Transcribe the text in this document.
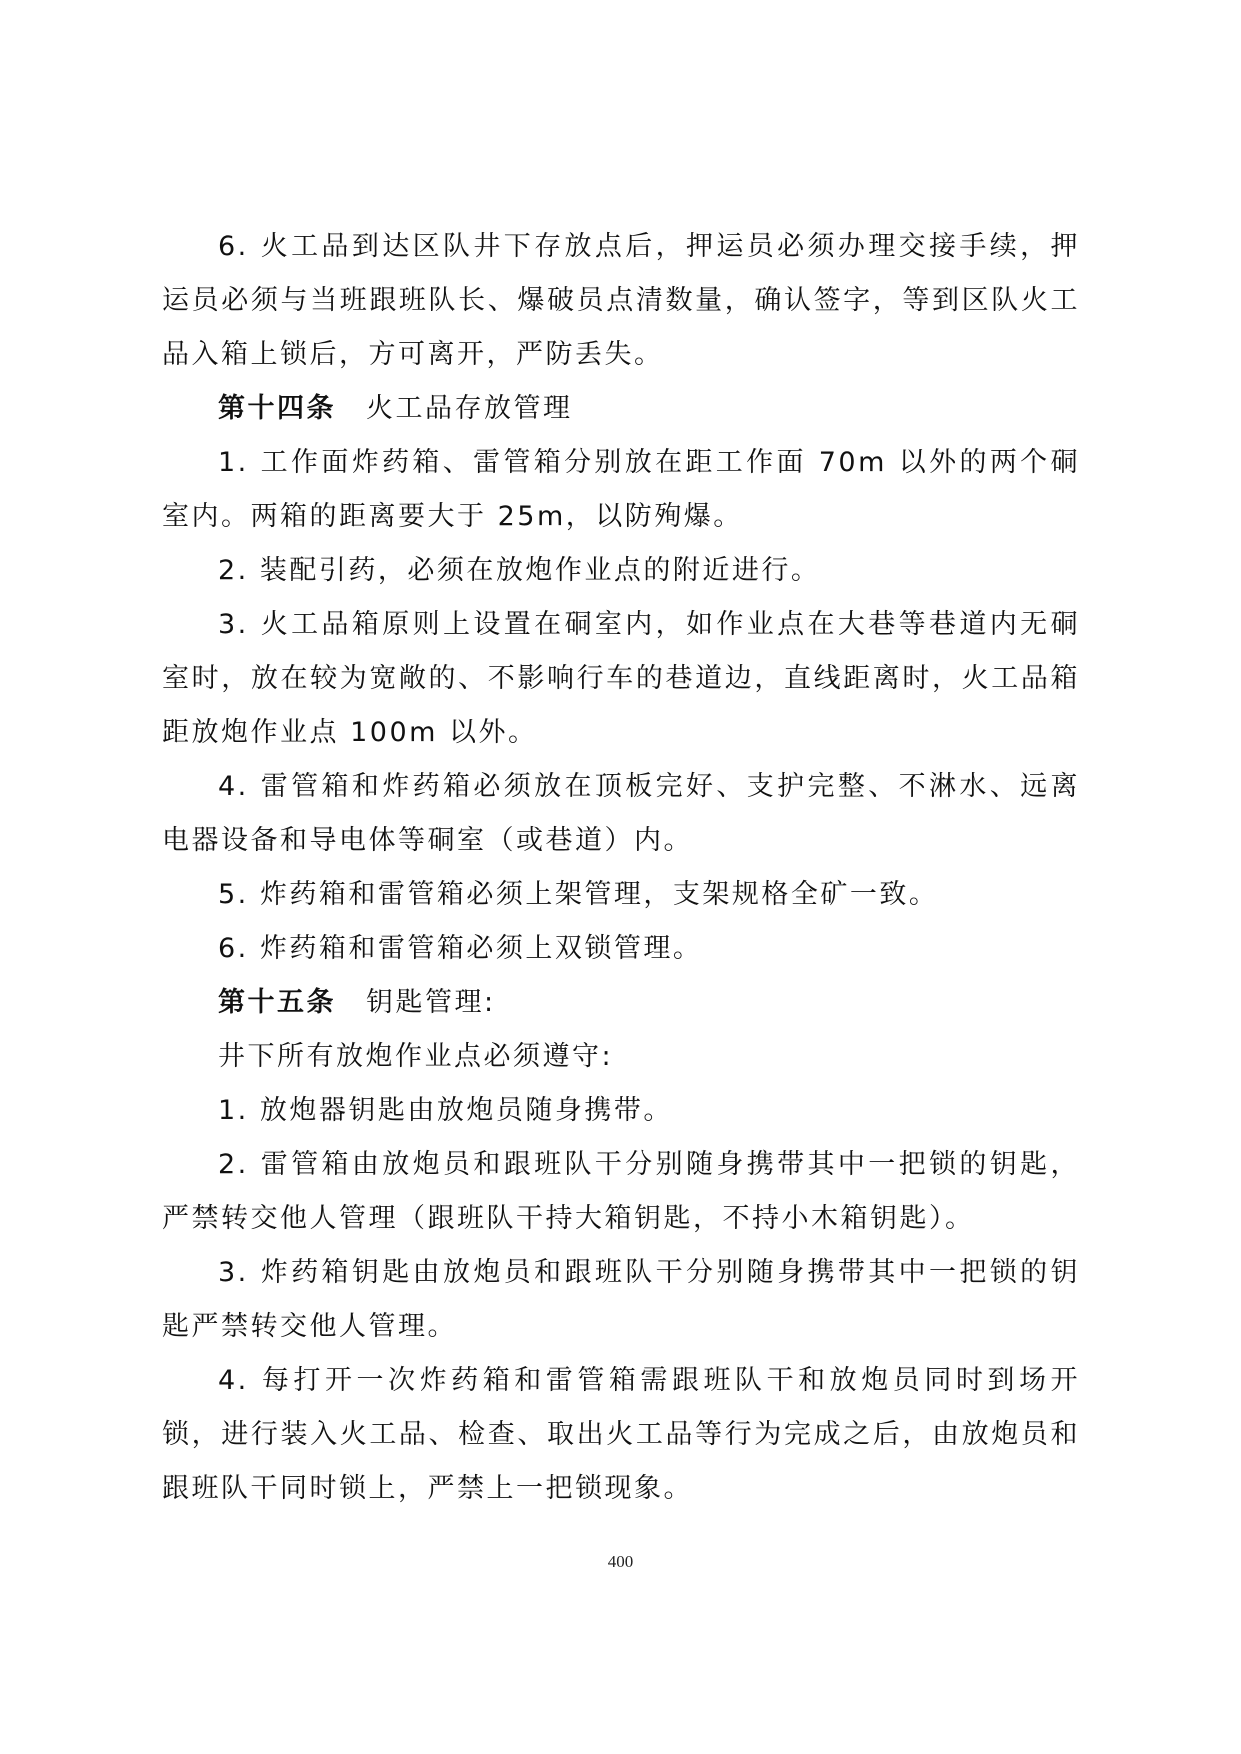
6. 火工品到达区队井下存放点后，押运员必须办理交接手续，押运员必须与当班跟班队长、爆破员点清数量，确认签字，等到区队火工品入箱上锁后，方可离开，严防丢失。

第十四条 火工品存放管理

1. 工作面炸药箱、雷管箱分别放在距工作面 70m 以外的两个硐室内。两箱的距离要大于 25m，以防殉爆。

2. 装配引药，必须在放炮作业点的附近进行。

3. 火工品箱原则上设置在硐室内，如作业点在大巷等巷道内无硐室时，放在较为宽敞的、不影响行车的巷道边，直线距离时，火工品箱距放炮作业点 100m 以外。

4. 雷管箱和炸药箱必须放在顶板完好、支护完整、不淋水、远离电器设备和导电体等硐室（或巷道）内。

5. 炸药箱和雷管箱必须上架管理，支架规格全矿一致。

6. 炸药箱和雷管箱必须上双锁管理。

第十五条 钥匙管理:

井下所有放炮作业点必须遵守:

1. 放炮器钥匙由放炮员随身携带。

2. 雷管箱由放炮员和跟班队干分别随身携带其中一把锁的钥匙，严禁转交他人管理（跟班队干持大箱钥匙，不持小木箱钥匙）。

3. 炸药箱钥匙由放炮员和跟班队干分别随身携带其中一把锁的钥匙严禁转交他人管理。

4. 每打开一次炸药箱和雷管箱需跟班队干和放炮员同时到场开锁，进行装入火工品、检查、取出火工品等行为完成之后，由放炮员和跟班队干同时锁上，严禁上一把锁现象。

400
